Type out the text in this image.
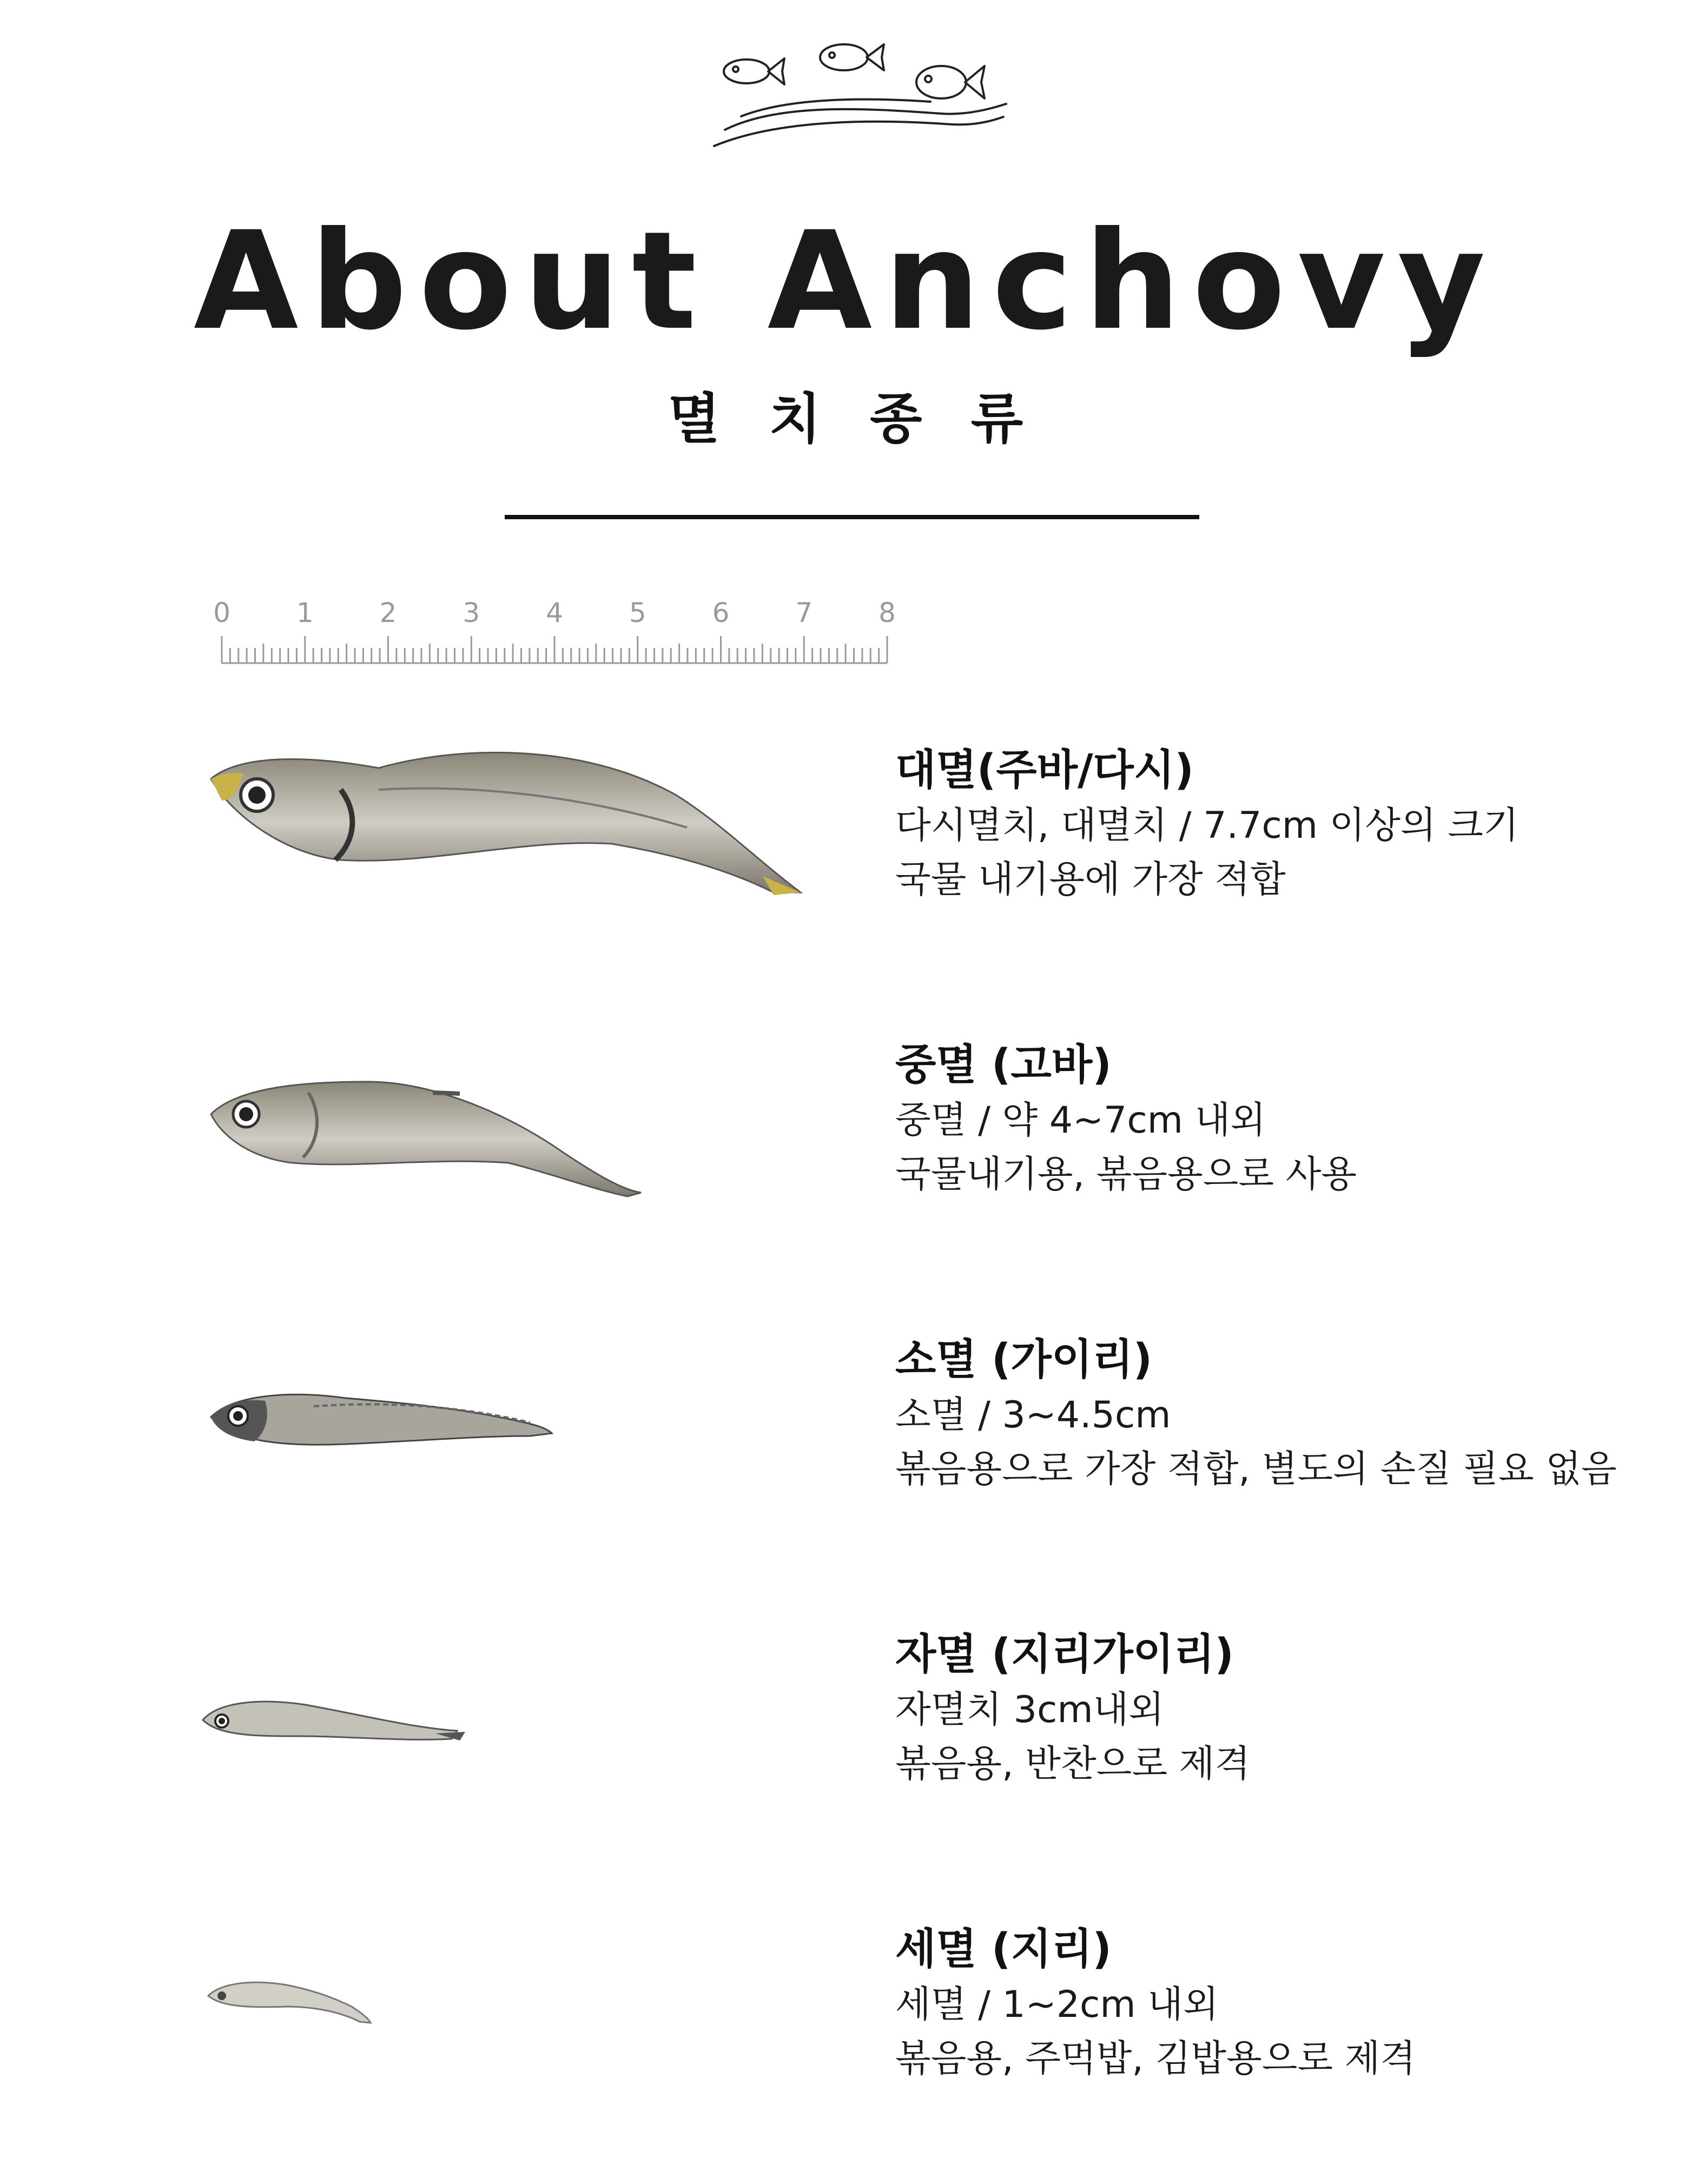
About Anchovy
멸치종류
0 1 2 3 4 5 6 7 8
대멸(주바/다시)
다시멸치, 대멸치 / 7.7cm 이상의 크기
국물 내기용에 가장 적합
중멸 (고바)
중멸 / 약 4~7cm 내외
국물내기용, 볶음용으로 사용
소멸 (가이리)
소멸 / 3~4.5cm
볶음용으로 가장 적합, 별도의 손질 필요 없음
자멸 (지리가이리)
자멸치 3cm내외
볶음용, 반찬으로 제격
세멸 (지리)
세멸 / 1~2cm 내외
볶음용, 주먹밥, 김밥용으로 제격
